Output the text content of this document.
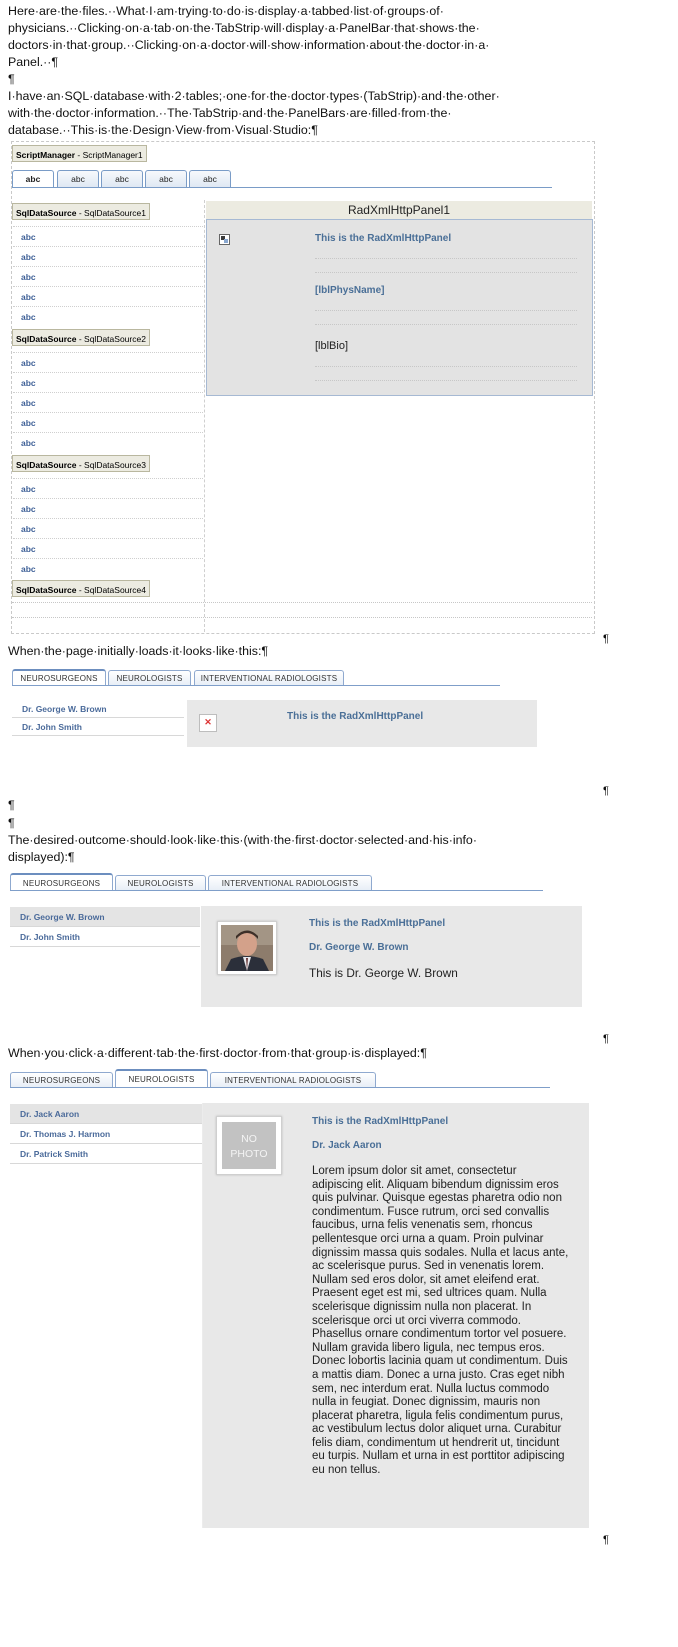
Here·are·the·files.··What·I·am·trying·to·do·is·display·a·tabbed·list·of·groups·of·
physicians.··Clicking·on·a·tab·on·the·TabStrip·will·display·a·PanelBar·that·shows·the·
doctors·in·that·group.··Clicking·on·a·doctor·will·show·information·about·the·doctor·in·a·
Panel.··¶
¶
I·have·an·SQL·database·with·2·tables;·one·for·the·doctor·types·(TabStrip)·and·the·other·
with·the·doctor·information.··The·TabStrip·and·the·PanelBars·are·filled·from·the·
database.··This·is·the·Design·View·from·Visual·Studio:¶
ScriptManager - ScriptManager1
abc	abc	abc	abc	abc
SqlDataSource - SqlDataSource1
abc
abc
abc
abc
abc
SqlDataSource - SqlDataSource2
abc
abc
abc
abc
abc
SqlDataSource - SqlDataSource3
abc
abc
abc
abc
abc
SqlDataSource - SqlDataSource4
RadXmlHttpPanel1
This is the RadXmlHttpPanel
[lblPhysName]
[lblBio]
¶
When·the·page·initially·loads·it·looks·like·this:¶
NEUROSURGEONS	NEUROLOGISTS	INTERVENTIONAL RADIOLOGISTS
Dr. George W. Brown
Dr. John Smith	✕	This is the RadXmlHttpPanel
¶
¶
¶
The·desired·outcome·should·look·like·this·(with·the·first·doctor·selected·and·his·info·
displayed):¶
NEUROSURGEONS	NEUROLOGISTS	INTERVENTIONAL RADIOLOGISTS
Dr. George W. Brown
Dr. John Smith
This is the RadXmlHttpPanel
Dr. George W. Brown
This is Dr. George W. Brown
¶
When·you·click·a·different·tab·the·first·doctor·from·that·group·is·displayed:¶
NEUROSURGEONS	NEUROLOGISTS	INTERVENTIONAL RADIOLOGISTS
Dr. Jack Aaron
Dr. Thomas J. Harmon
Dr. Patrick Smith
NO
PHOTO
This is the RadXmlHttpPanel
Dr. Jack Aaron
Lorem ipsum dolor sit amet, consectetur adipiscing elit. Aliquam bibendum dignissim eros quis pulvinar. Quisque egestas pharetra odio non condimentum. Fusce rutrum, orci sed convallis faucibus, urna felis venenatis sem, rhoncus pellentesque orci urna a quam. Proin pulvinar dignissim massa quis sodales. Nulla et lacus ante, ac scelerisque purus. Sed in venenatis lorem. Nullam sed eros dolor, sit amet eleifend erat. Praesent eget est mi, sed ultrices quam. Nulla scelerisque dignissim nulla non placerat. In scelerisque orci ut orci viverra commodo. Phasellus ornare condimentum tortor vel posuere. Nullam gravida libero ligula, nec tempus eros. Donec lobortis lacinia quam ut condimentum. Duis a mattis diam. Donec a urna justo. Cras eget nibh sem, nec interdum erat. Nulla luctus commodo nulla in feugiat. Donec dignissim, mauris non placerat pharetra, ligula felis condimentum purus, ac vestibulum lectus dolor aliquet urna. Curabitur felis diam, condimentum ut hendrerit ut, tincidunt eu turpis. Nullam et urna in est porttitor adipiscing eu non tellus.
¶
